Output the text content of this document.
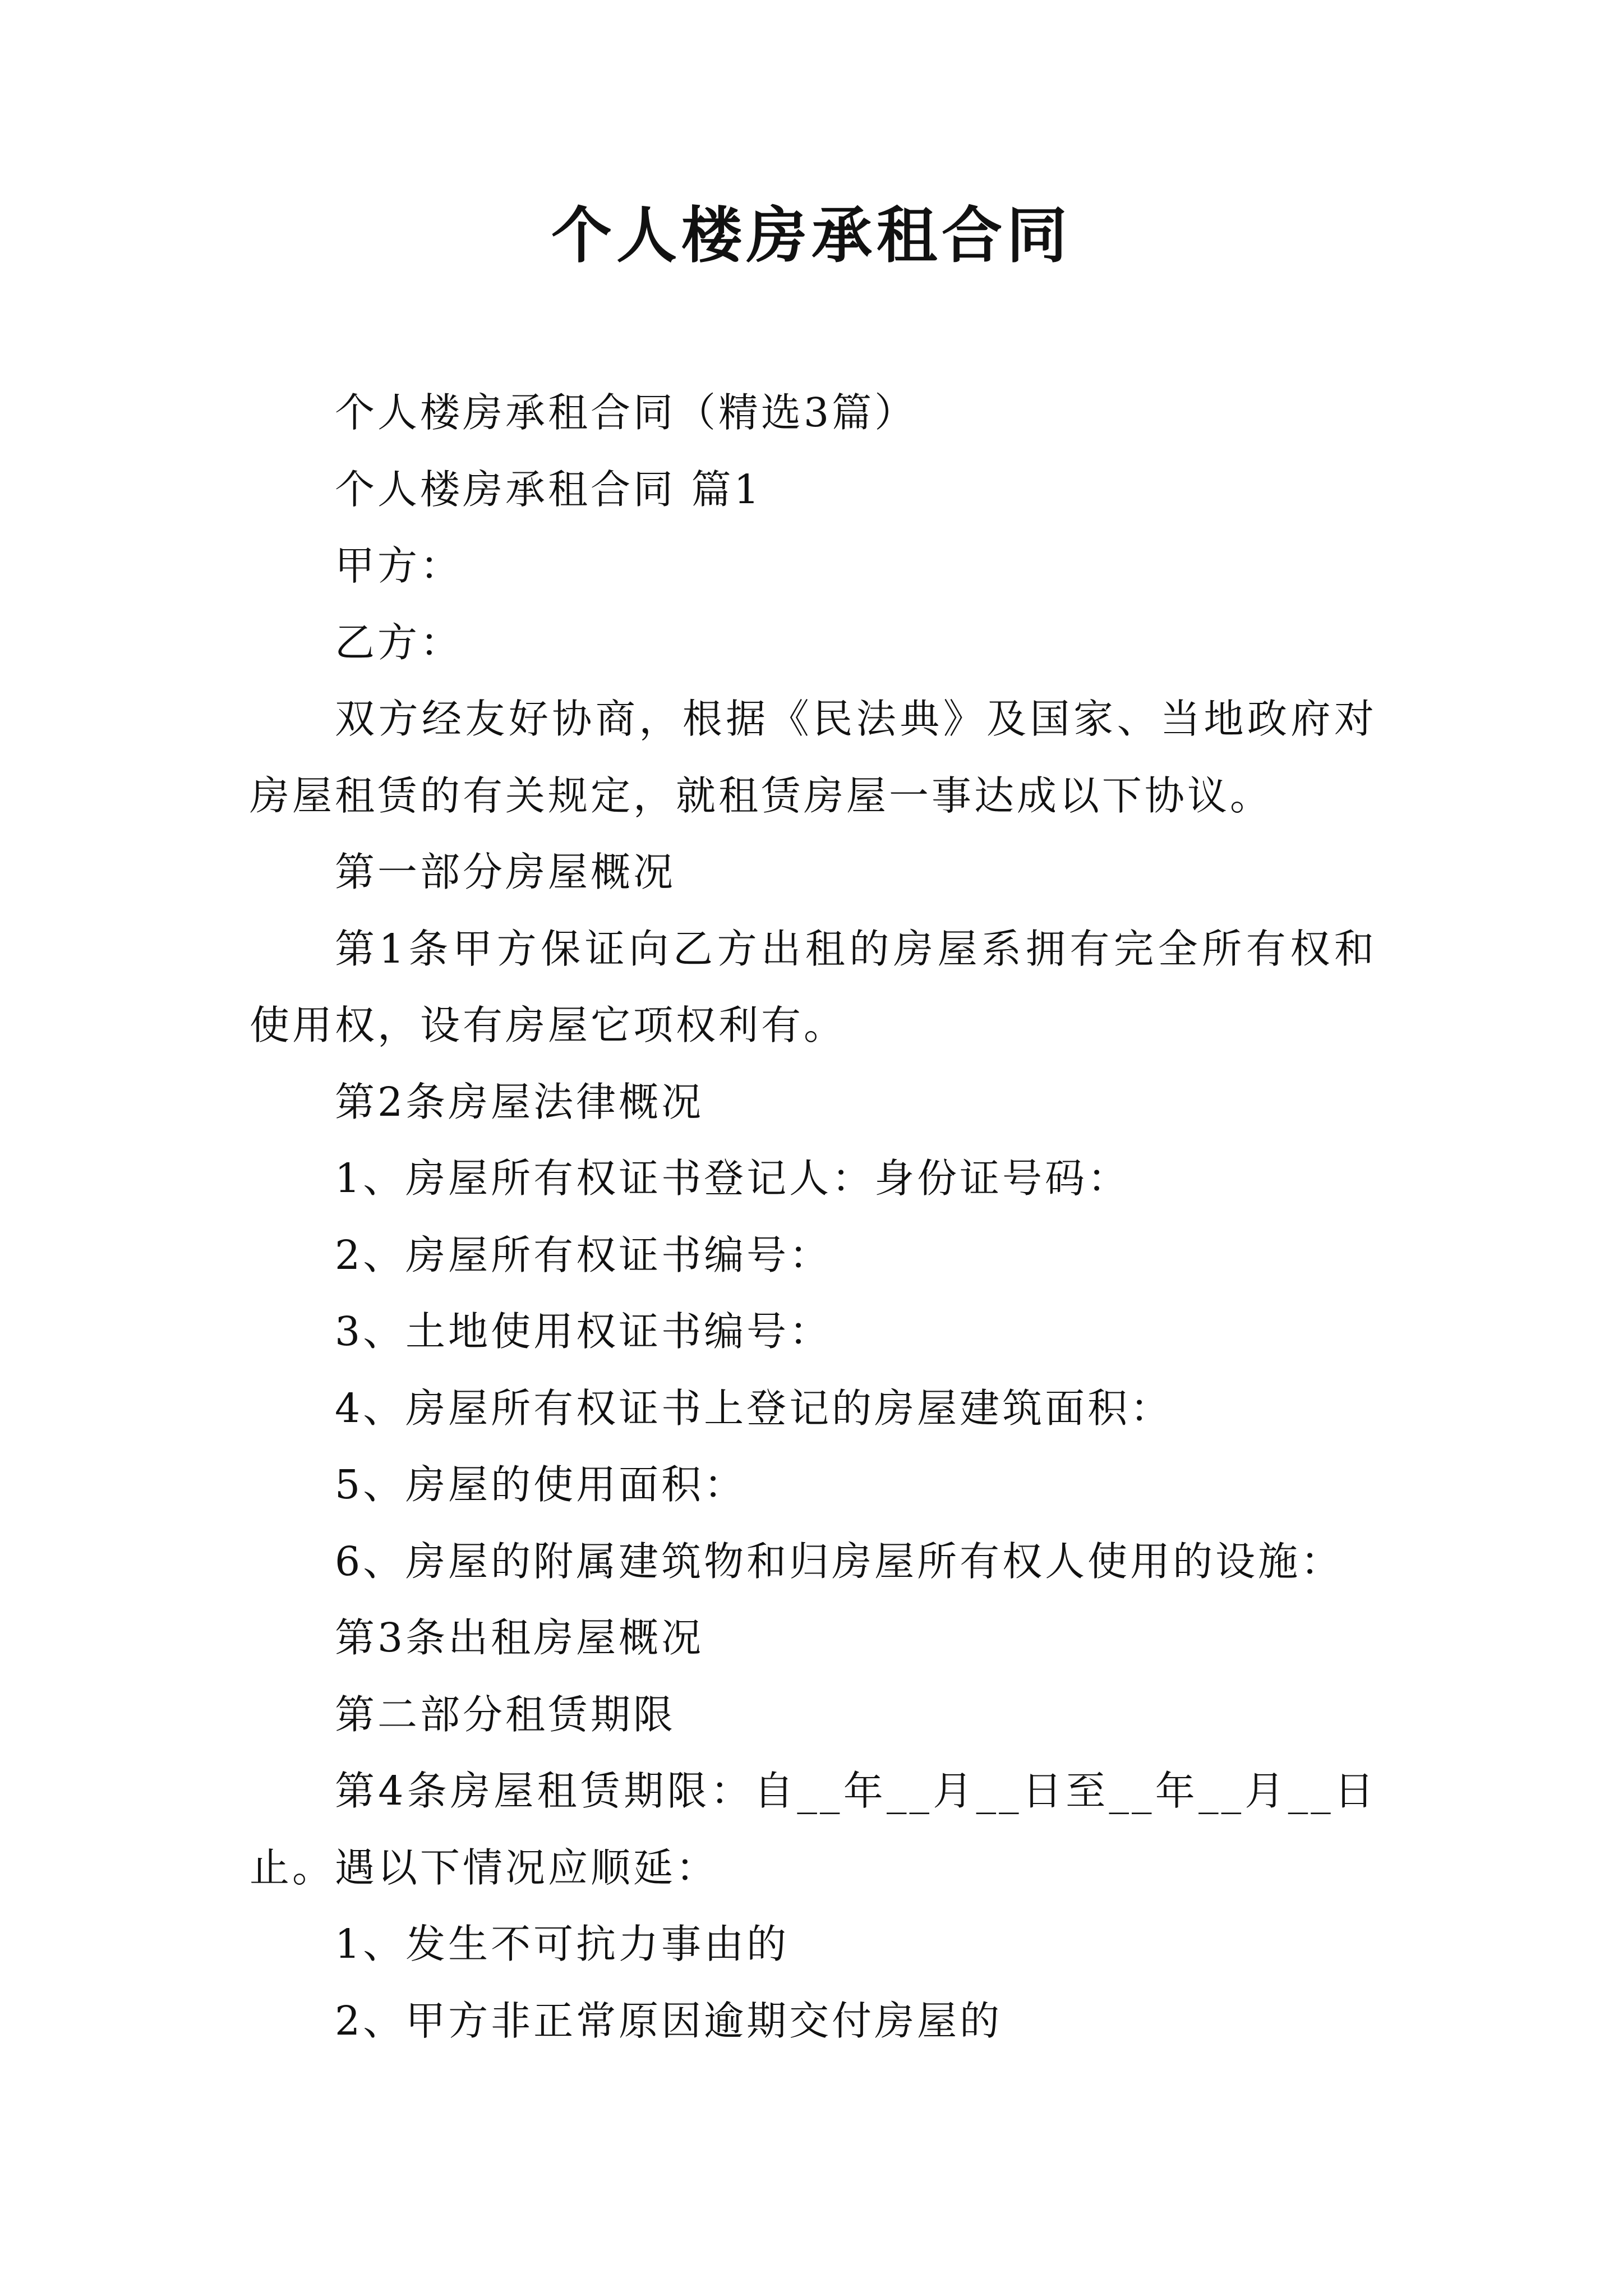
个人楼房承租合同

个人楼房承租合同（精选3篇）

个人楼房承租合同 篇1

甲方：

乙方：

双方经友好协商，根据《民法典》及国家、当地政府对房屋租赁的有关规定，就租赁房屋一事达成以下协议。

第一部分房屋概况

第1条甲方保证向乙方出租的房屋系拥有完全所有权和使用权，设有房屋它项权利有。

第2条房屋法律概况

1、房屋所有权证书登记人：身份证号码：

2、房屋所有权证书编号：

3、土地使用权证书编号：

4、房屋所有权证书上登记的房屋建筑面积：

5、房屋的使用面积：

6、房屋的附属建筑物和归房屋所有权人使用的设施：

第3条出租房屋概况

第二部分租赁期限

第4条房屋租赁期限：自__年__月__日至__年__月__日止。遇以下情况应顺延：

1、发生不可抗力事由的

2、甲方非正常原因逾期交付房屋的
